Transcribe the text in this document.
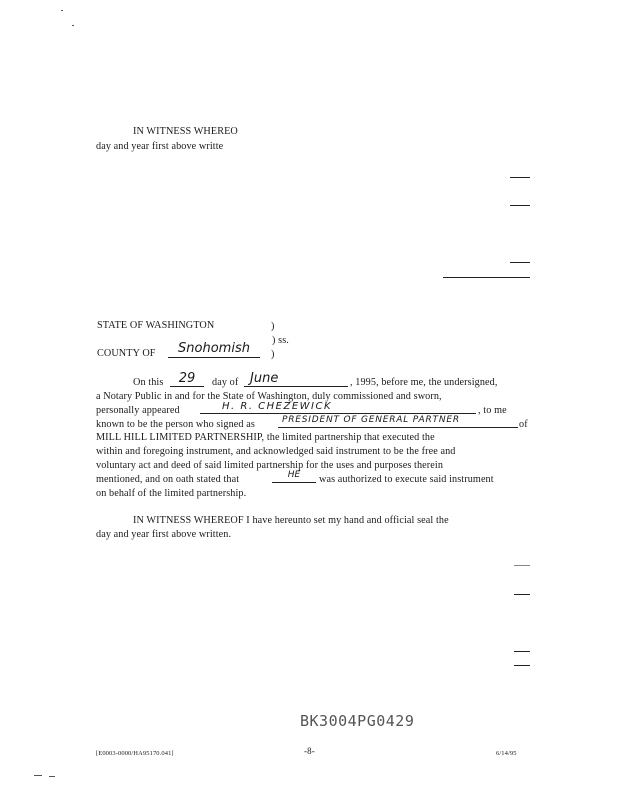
IN WITNESS WHEREO
day and year first above writte
STATE OF WASHINGTON	)
) ss.
COUNTY OF	Snohomish	)
On this	29	day of June	, 1995, before me, the undersigned,
a Notary Public in and for the State of Washington, duly commissioned and sworn,
personally appeared	H. R. CHEZEWICK	, to me
known to be the person who signed as	PRESIDENT OF GENERAL PARTNER	of
MILL HILL LIMITED PARTNERSHIP, the limited partnership that executed the
within and foregoing instrument, and acknowledged said instrument to be the free and
voluntary act and deed of said limited partnership for the uses and purposes therein
mentioned, and on oath stated that	HE	was authorized to execute said instrument
on behalf of the limited partnership.
IN WITNESS WHEREOF I have hereunto set my hand and official seal the
day and year first above written.
BK3004PG0429
[E0003-0000/HA95170.041]	-8-	6/14/95
